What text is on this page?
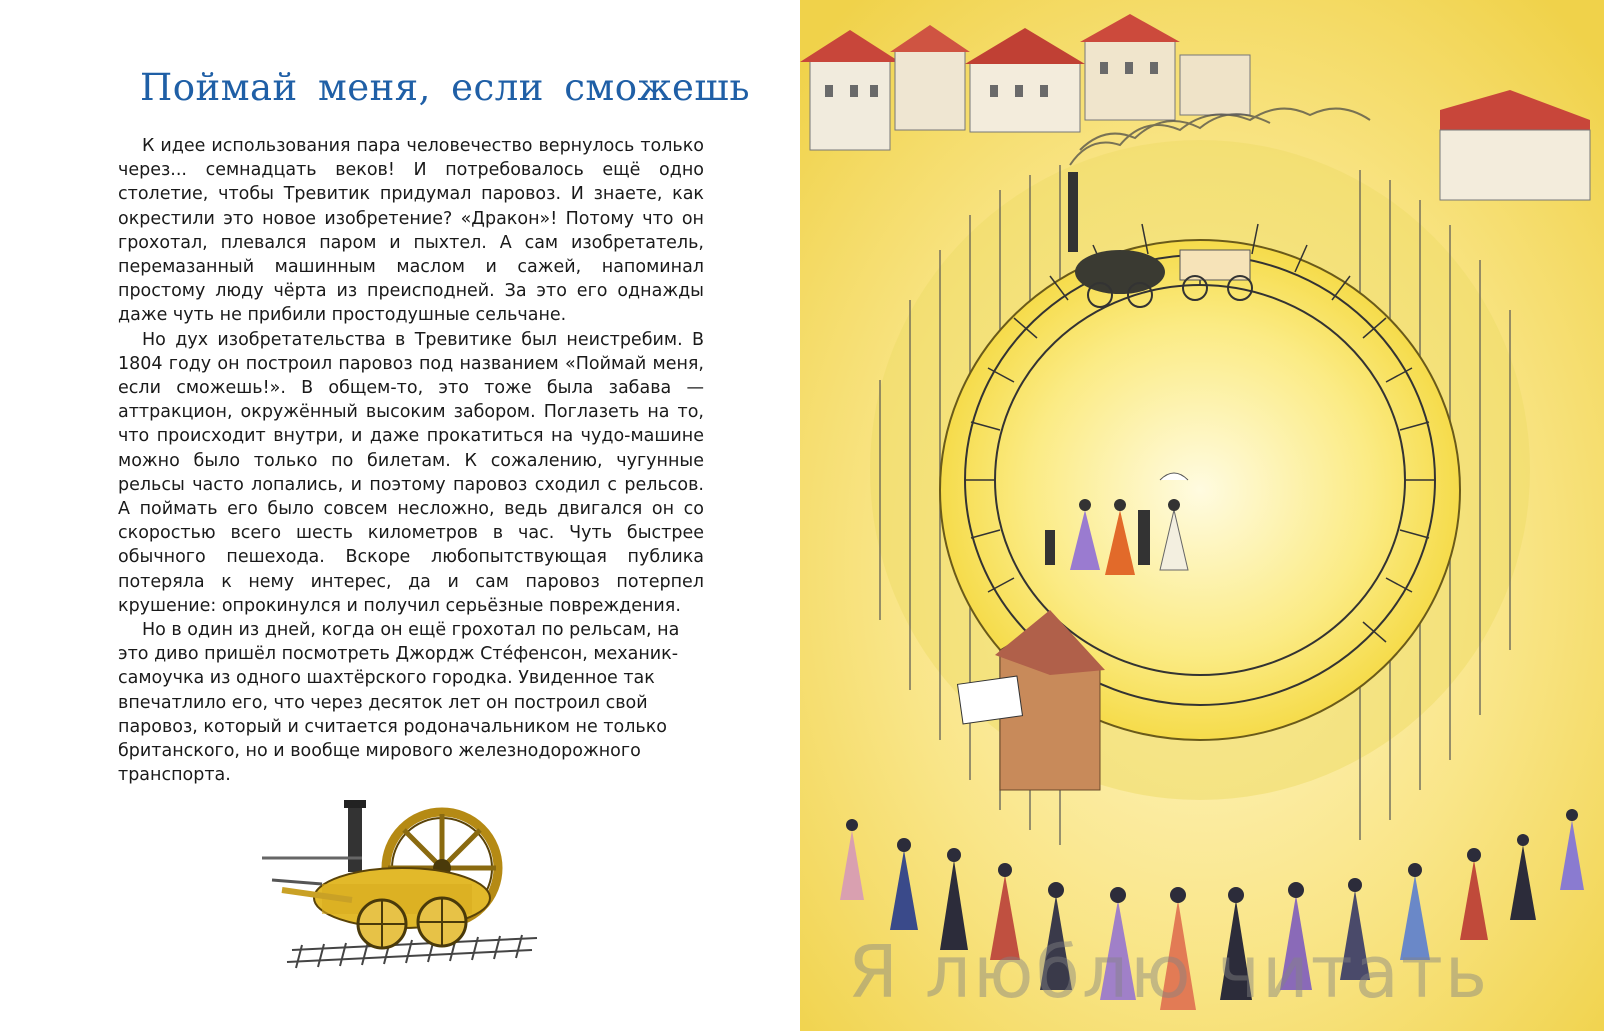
Поймай меня, если сможешь

К идее использования пара человечество вернулось только через... семнадцать веков! И потребовалось ещё одно столетие, чтобы Тревитик придумал паровоз. И знаете, как окрестили это новое изобретение? «Дракон»! Потому что он грохотал, плевался паром и пыхтел. А сам изобретатель, перемазанный машинным маслом и сажей, напоминал простому люду чёрта из преисподней. За это его однажды даже чуть не прибили простодушные сельчане.

Но дух изобретательства в Тревитике был неистребим. В 1804 году он построил паровоз под названием «Поймай меня, если сможешь!». В общем-то, это тоже была забава — аттракцион, окружённый высоким забором. Поглазеть на то, что происходит внутри, и даже прокатиться на чудо-машине можно было только по билетам. К сожалению, чугунные рельсы часто лопались, и поэтому паровоз сходил с рельсов. А поймать его было совсем несложно, ведь двигался он со скоростью всего шесть километров в час. Чуть быстрее обычного пешехода. Вскоре любопытствующая публика потеряла к нему интерес, да и сам паровоз потерпел крушение: опрокинулся и получил серьёзные повреждения.

Но в один из дней, когда он ещё грохотал по рельсам, на это диво пришёл посмотреть Джордж Сте́фенсон, механик-самоучка из одного шахтёрского городка. Увиденное так впечатлило его, что через десяток лет он построил свой паровоз, который и считается родоначальником не только британского, но и вообще мирового железнодорожного транспорта.

Я люблю читать
